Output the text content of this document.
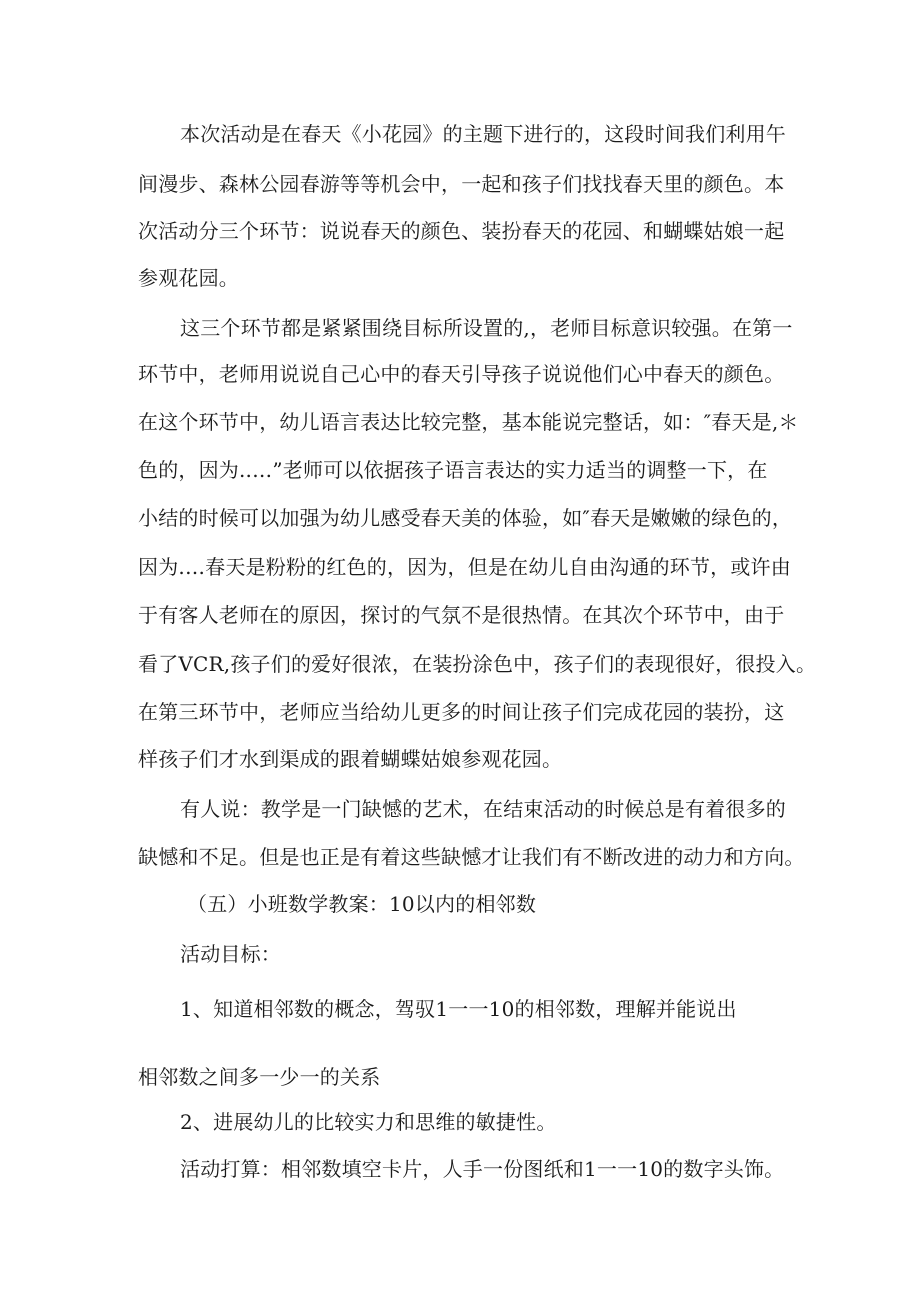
本次活动是在春天《小花园》的主题下进行的，这段时间我们利用午
间漫步、森林公园春游等等机会中，一起和孩子们找找春天里的颜色。本
次活动分三个环节：说说春天的颜色、装扮春天的花园、和蝴蝶姑娘一起
参观花园。
这三个环节都是紧紧围绕目标所设置的,，老师目标意识较强。在第一
环节中，老师用说说自己心中的春天引导孩子说说他们心中春天的颜色。
在这个环节中，幼儿语言表达比较完整，基本能说完整话，如：″春天是,＊
色的，因为..…”老师可以依据孩子语言表达的实力适当的调整一下，在
小结的时候可以加强为幼儿感受春天美的体验，如″春天是嫩嫩的绿色的，
因为.…春天是粉粉的红色的，因为，但是在幼儿自由沟通的环节，或许由
于有客人老师在的原因，探讨的气氛不是很热情。在其次个环节中，由于
看了VCR,孩子们的爱好很浓，在装扮涂色中，孩子们的表现很好，很投入。
在第三环节中，老师应当给幼儿更多的时间让孩子们完成花园的装扮，这
样孩子们才水到渠成的跟着蝴蝶姑娘参观花园。
有人说：教学是一门缺憾的艺术，在结束活动的时候总是有着很多的
缺憾和不足。但是也正是有着这些缺憾才让我们有不断改进的动力和方向。
（五）小班数学教案：10以内的相邻数
活动目标：
1、知道相邻数的概念，驾驭1一一10的相邻数，理解并能说出
相邻数之间多一少一的关系
2、进展幼儿的比较实力和思维的敏捷性。
活动打算：相邻数填空卡片，人手一份图纸和1一一10的数字头饰。
